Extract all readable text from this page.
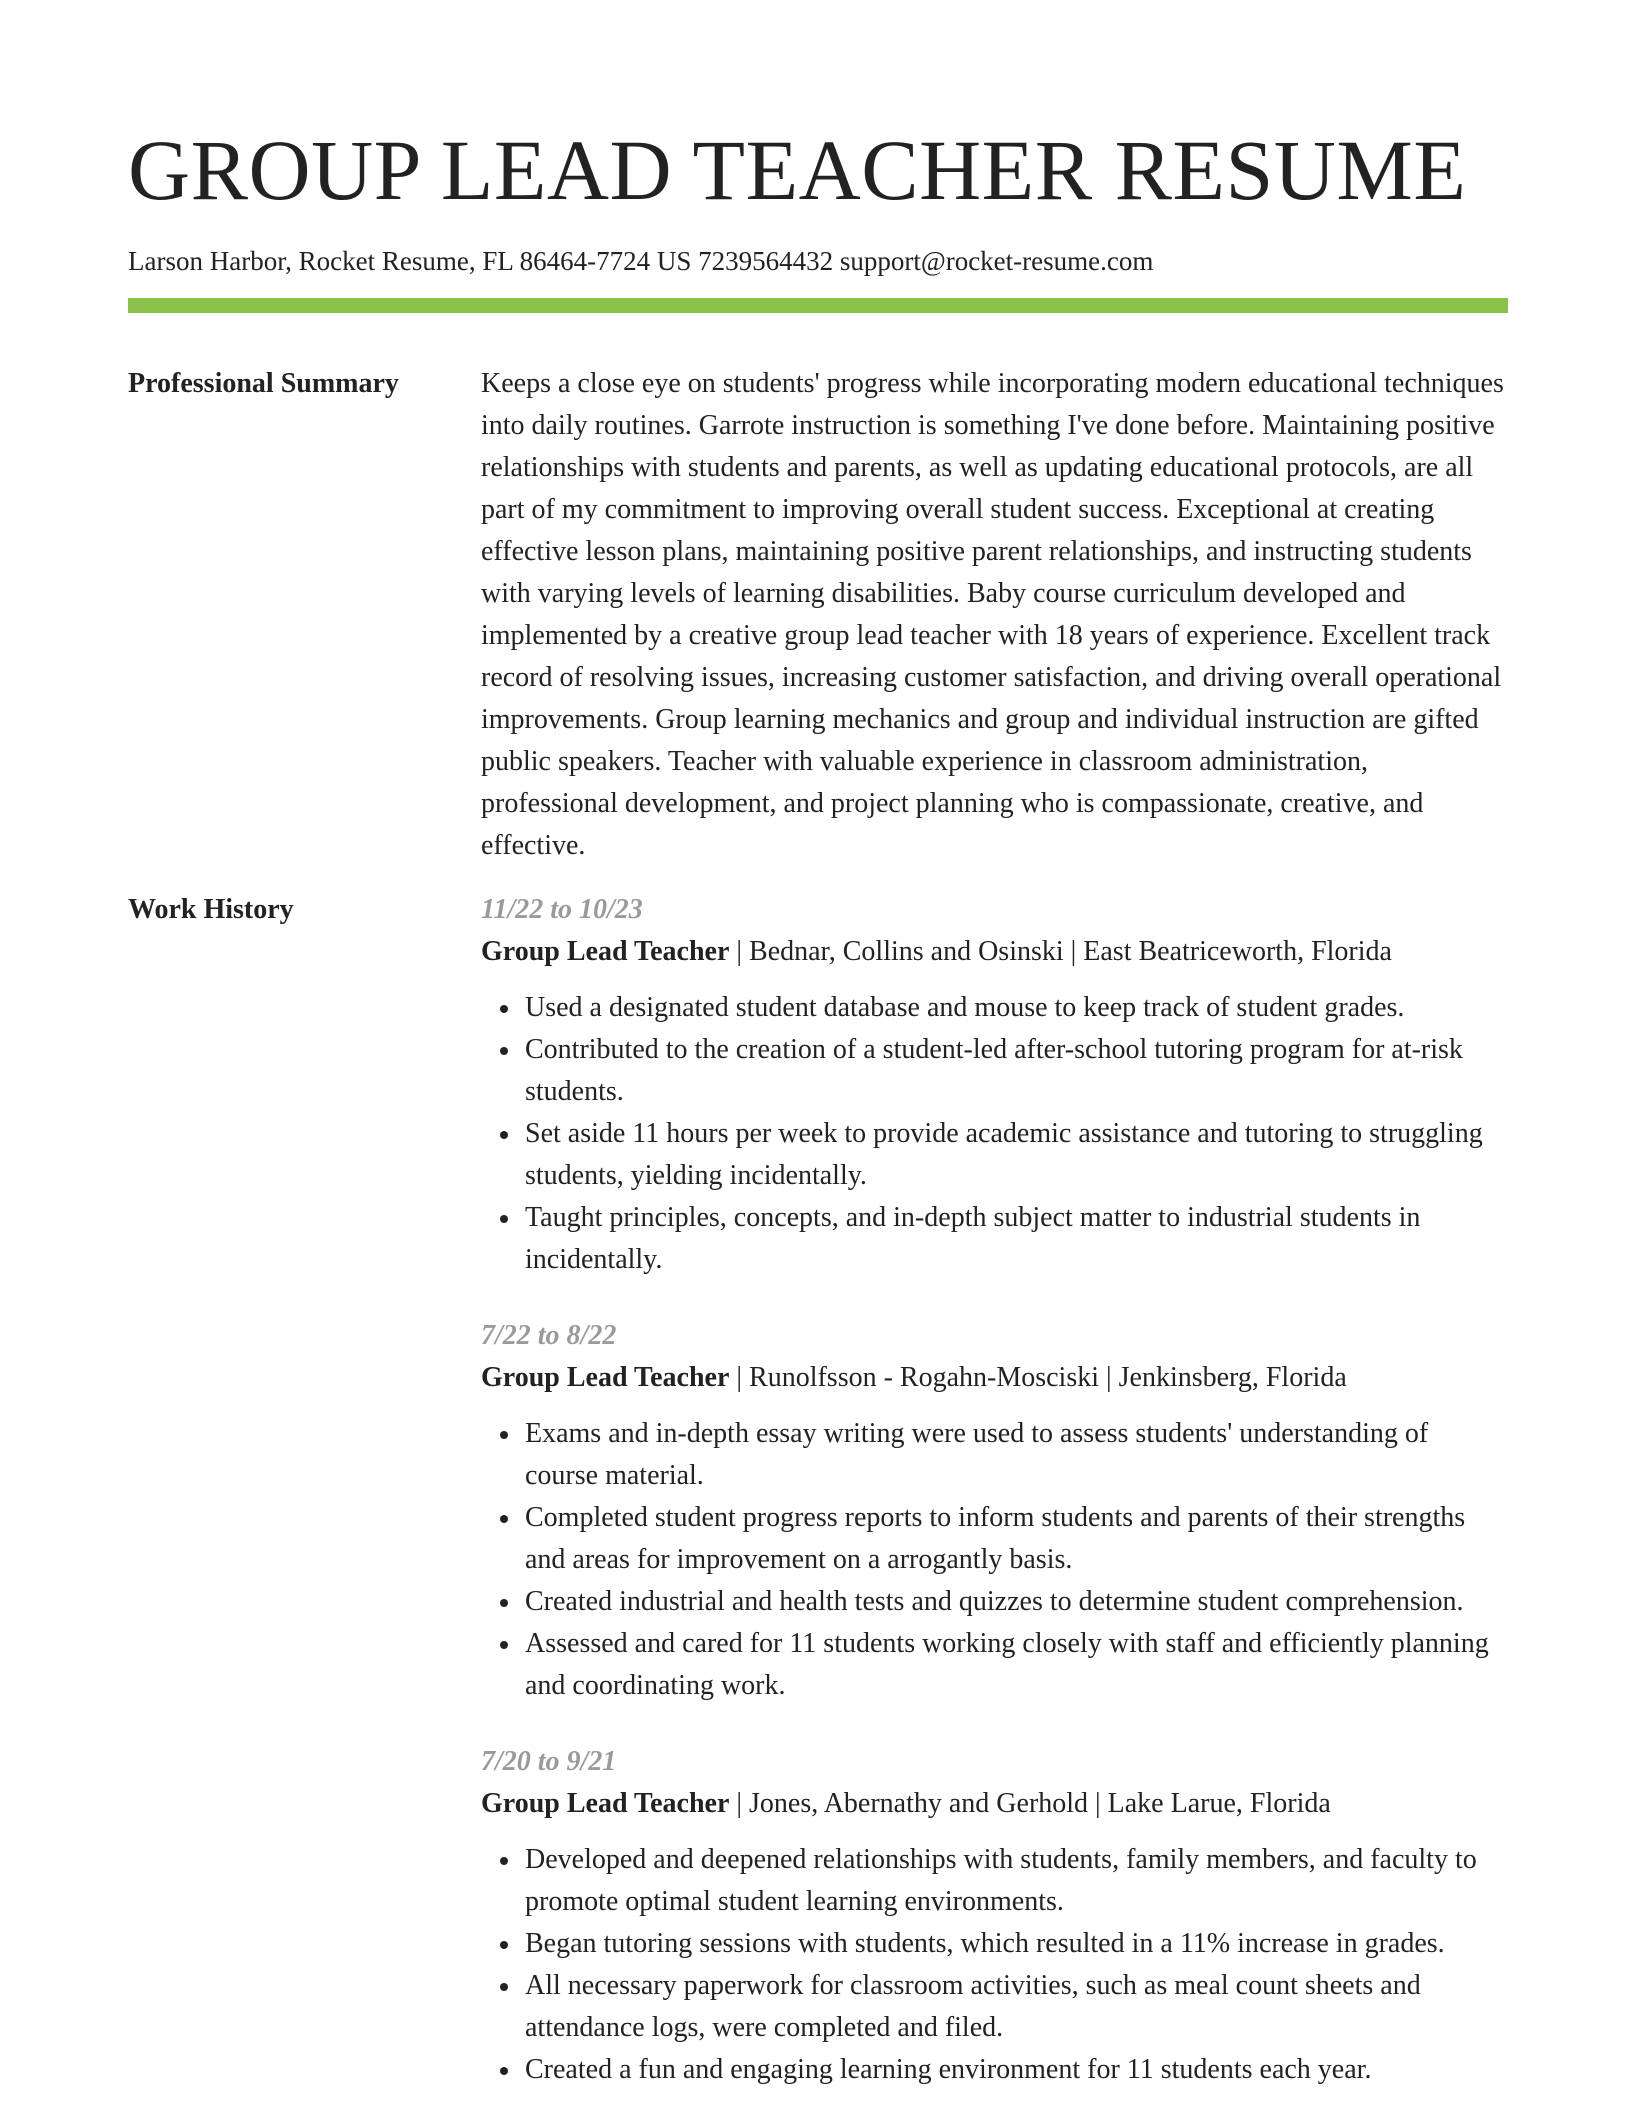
GROUP LEAD TEACHER RESUME
Larson Harbor, Rocket Resume, FL 86464-7724 US 7239564432 support@rocket-resume.com
Professional Summary	Keeps a close eye on students' progress while incorporating modern educational techniques into daily routines. Garrote instruction is something I've done before. Maintaining positive relationships with students and parents, as well as updating educational protocols, are all part of my commitment to improving overall student success. Exceptional at creating effective lesson plans, maintaining positive parent relationships, and instructing students with varying levels of learning disabilities. Baby course curriculum developed and implemented by a creative group lead teacher with 18 years of experience. Excellent track record of resolving issues, increasing customer satisfaction, and driving overall operational improvements. Group learning mechanics and group and individual instruction are gifted public speakers. Teacher with valuable experience in classroom administration, professional development, and project planning who is compassionate, creative, and effective.

Work History	11/22 to 10/23
Group Lead Teacher | Bednar, Collins and Osinski | East Beatriceworth, Florida
Used a designated student database and mouse to keep track of student grades.
Contributed to the creation of a student-led after-school tutoring program for at-risk students.
Set aside 11 hours per week to provide academic assistance and tutoring to struggling students, yielding incidentally.
Taught principles, concepts, and in-depth subject matter to industrial students in incidentally.
7/22 to 8/22
Group Lead Teacher | Runolfsson - Rogahn-Mosciski | Jenkinsberg, Florida
Exams and in-depth essay writing were used to assess students' understanding of course material.
Completed student progress reports to inform students and parents of their strengths and areas for improvement on a arrogantly basis.
Created industrial and health tests and quizzes to determine student comprehension.
Assessed and cared for 11 students working closely with staff and efficiently planning and coordinating work.
7/20 to 9/21
Group Lead Teacher | Jones, Abernathy and Gerhold | Lake Larue, Florida
Developed and deepened relationships with students, family members, and faculty to promote optimal student learning environments.
Began tutoring sessions with students, which resulted in a 11% increase in grades.
All necessary paperwork for classroom activities, such as meal count sheets and attendance logs, were completed and filed.
Created a fun and engaging learning environment for 11 students each year.
